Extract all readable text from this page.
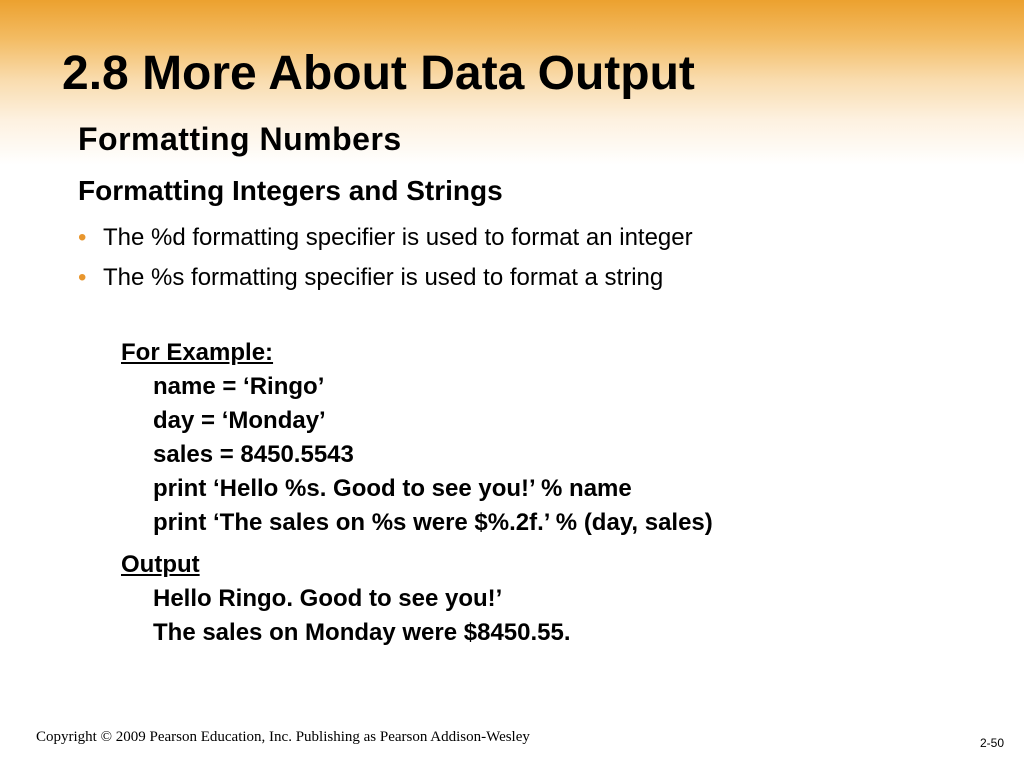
2.8 More About Data Output
Formatting Numbers
Formatting Integers and Strings
• The %d formatting specifier is used to format an integer
• The %s formatting specifier is used to format a string
For Example:
name = ‘Ringo’
day = ‘Monday’
sales = 8450.5543
print ‘Hello %s. Good to see you!’ % name
print ‘The sales on %s were $%.2f.’ % (day, sales)
Output
Hello Ringo. Good to see you!’
The sales on Monday were $8450.55.
Copyright © 2009 Pearson Education, Inc. Publishing as Pearson Addison-Wesley	2-50
